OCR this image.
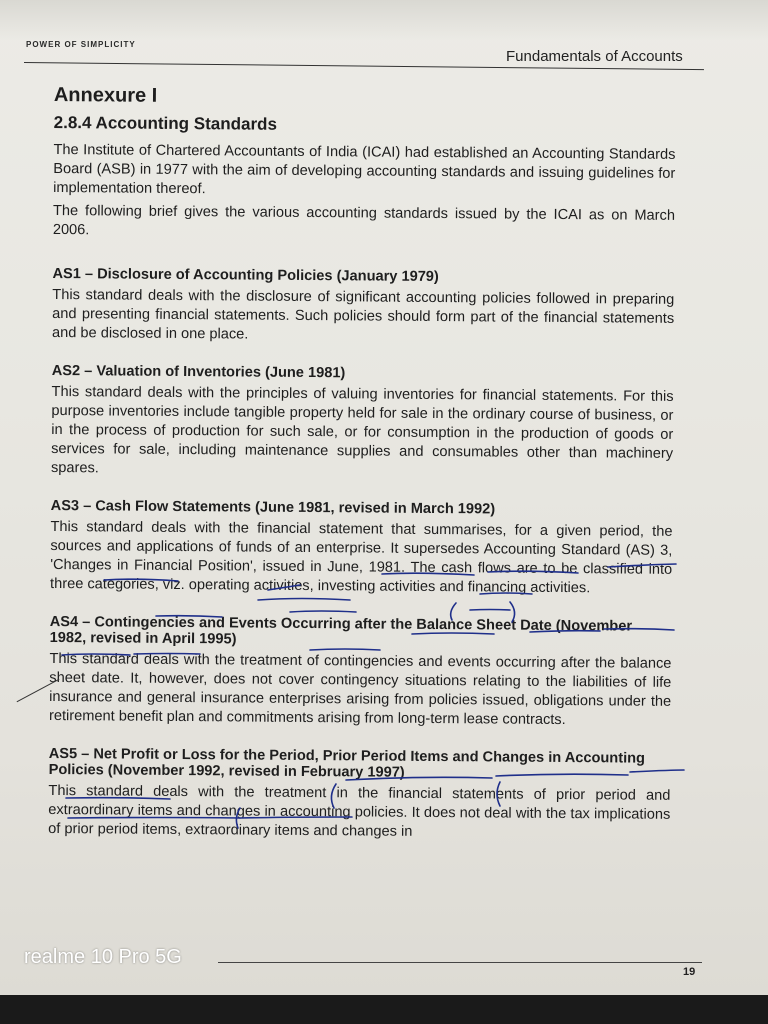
POWER OF SIMPLICITY
Fundamentals of Accounts
Annexure I
2.8.4 Accounting Standards

The Institute of Chartered Accountants of India (ICAI) had established an Accounting Standards Board (ASB) in 1977 with the aim of developing accounting standards and issuing guidelines for implementation thereof.

The following brief gives the various accounting standards issued by the ICAI as on March 2006.

AS1 – Disclosure of Accounting Policies (January 1979)

This standard deals with the disclosure of significant accounting policies followed in preparing and presenting financial statements. Such policies should form part of the financial statements and be disclosed in one place.

AS2 – Valuation of Inventories (June 1981)

This standard deals with the principles of valuing inventories for financial statements. For this purpose inventories include tangible property held for sale in the ordinary course of business, or in the process of production for such sale, or for consumption in the production of goods or services for sale, including maintenance supplies and consumables other than machinery spares.

AS3 – Cash Flow Statements (June 1981, revised in March 1992)

This standard deals with the financial statement that summarises, for a given period, the sources and applications of funds of an enterprise. It supersedes Accounting Standard (AS) 3, 'Changes in Financial Position', issued in June, 1981. The cash flows are to be classified into three categories, viz. operating activities, investing activities and financing activities.

AS4 – Contingencies and Events Occurring after the Balance Sheet Date (November 1982, revised in April 1995)

This standard deals with the treatment of contingencies and events occurring after the balance sheet date. It, however, does not cover contingency situations relating to the liabilities of life insurance and general insurance enterprises arising from policies issued, obligations under the retirement benefit plan and commitments arising from long-term lease contracts.

AS5 – Net Profit or Loss for the Period, Prior Period Items and Changes in Accounting Policies (November 1992, revised in February 1997)

This standard deals with the treatment in the financial statements of prior period and extraordinary items and changes in accounting policies. It does not deal with the tax implications of prior period items, extraordinary items and changes in

19
realme 10 Pro 5G
